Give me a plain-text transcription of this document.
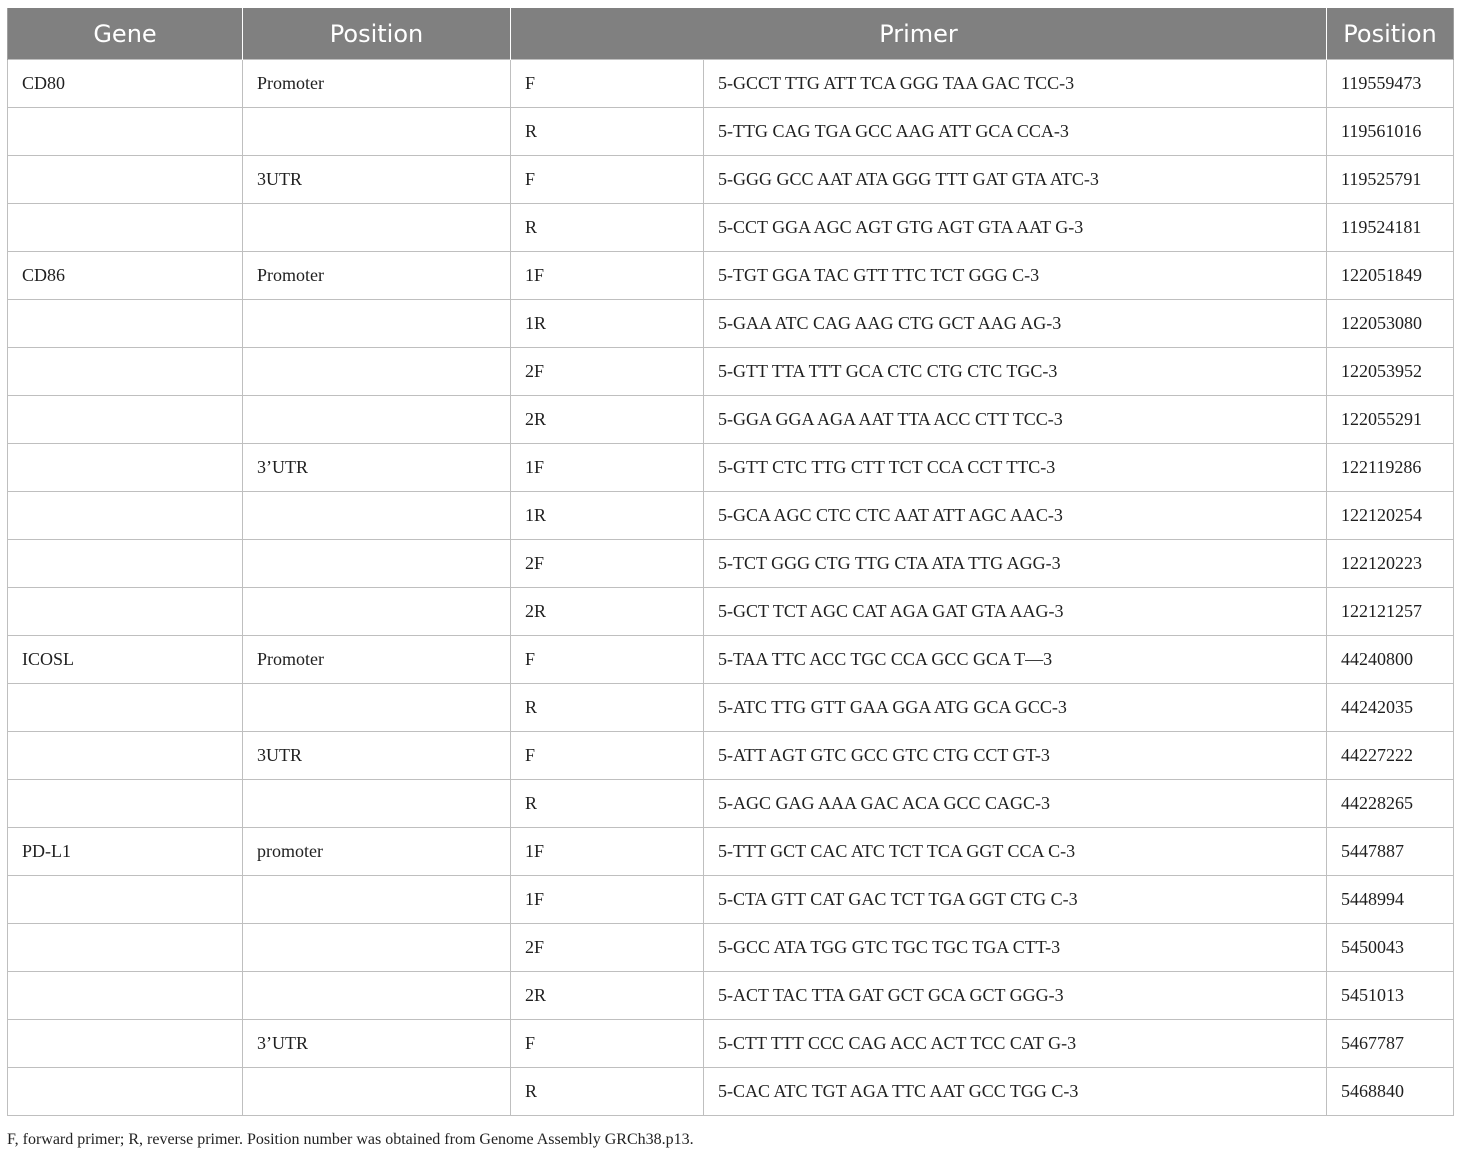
Gene	Position	Primer		Position
CD80	Promoter	F	5-GCCT TTG ATT TCA GGG TAA GAC TCC-3	119559473
		R	5-TTG CAG TGA GCC AAG ATT GCA CCA-3	119561016
	3UTR	F	5-GGG GCC AAT ATA GGG TTT GAT GTA ATC-3	119525791
		R	5-CCT GGA AGC AGT GTG AGT GTA AAT G-3	119524181
CD86	Promoter	1F	5-TGT GGA TAC GTT TTC TCT GGG C-3	122051849
		1R	5-GAA ATC CAG AAG CTG GCT AAG AG-3	122053080
		2F	5-GTT TTA TTT GCA CTC CTG CTC TGC-3	122053952
		2R	5-GGA GGA AGA AAT TTA ACC CTT TCC-3	122055291
	3’UTR	1F	5-GTT CTC TTG CTT TCT CCA CCT TTC-3	122119286
		1R	5-GCA AGC CTC CTC AAT ATT AGC AAC-3	122120254
		2F	5-TCT GGG CTG TTG CTA ATA TTG AGG-3	122120223
		2R	5-GCT TCT AGC CAT AGA GAT GTA AAG-3	122121257
ICOSL	Promoter	F	5-TAA TTC ACC TGC CCA GCC GCA T—3	44240800
		R	5-ATC TTG GTT GAA GGA ATG GCA GCC-3	44242035
	3UTR	F	5-ATT AGT GTC GCC GTC CTG CCT GT-3	44227222
		R	5-AGC GAG AAA GAC ACA GCC CAGC-3	44228265
PD-L1	promoter	1F	5-TTT GCT CAC ATC TCT TCA GGT CCA C-3	5447887
		1F	5-CTA GTT CAT GAC TCT TGA GGT CTG C-3	5448994
		2F	5-GCC ATA TGG GTC TGC TGC TGA CTT-3	5450043
		2R	5-ACT TAC TTA GAT GCT GCA GCT GGG-3	5451013
	3’UTR	F	5-CTT TTT CCC CAG ACC ACT TCC CAT G-3	5467787
		R	5-CAC ATC TGT AGA TTC AAT GCC TGG C-3	5468840
F, forward primer; R, reverse primer. Position number was obtained from Genome Assembly GRCh38.p13.
